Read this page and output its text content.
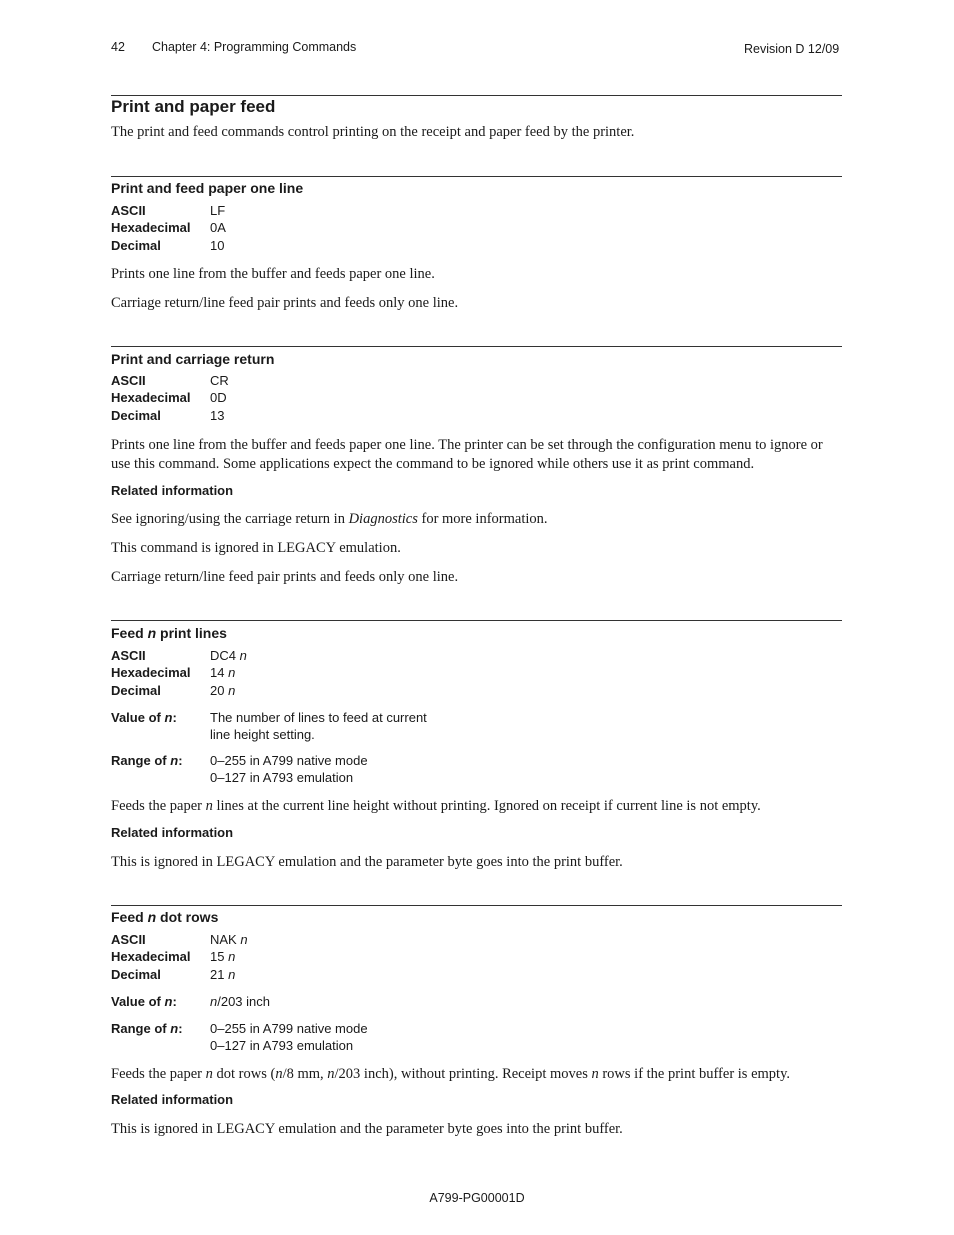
42 Chapter 4: Programming Commands	Revision D 12/09
Print and paper feed
The print and feed commands control printing on the receipt and paper feed by the printer.
Print and feed paper one line
ASCII	LF
Hexadecimal	0A
Decimal	10
Prints one line from the buffer and feeds paper one line.
Carriage return/line feed pair prints and feeds only one line.
Print and carriage return
ASCII	CR
Hexadecimal	0D
Decimal	13
Prints one line from the buffer and feeds paper one line. The printer can be set through the configuration menu to ignore or use this command. Some applications expect the command to be ignored while others use it as print command.
Related information
See ignoring/using the carriage return in Diagnostics for more information.
This command is ignored in LEGACY emulation.
Carriage return/line feed pair prints and feeds only one line.
Feed n print lines
ASCII	DC4 n
Hexadecimal	14 n
Decimal	20 n
Value of n:	The number of lines to feed at current
line height setting.
Range of n:	0–255 in A799 native mode
0–127 in A793 emulation
Feeds the paper n lines at the current line height without printing. Ignored on receipt if current line is not empty.
Related information
This is ignored in LEGACY emulation and the parameter byte goes into the print buffer.
Feed n dot rows
ASCII	NAK n
Hexadecimal	15 n
Decimal	21 n
Value of n:	n/203 inch
Range of n:	0–255 in A799 native mode
0–127 in A793 emulation
Feeds the paper n dot rows (n/8 mm, n/203 inch), without printing. Receipt moves n rows if the print buffer is empty.
Related information
This is ignored in LEGACY emulation and the parameter byte goes into the print buffer.
A799-PG00001D
